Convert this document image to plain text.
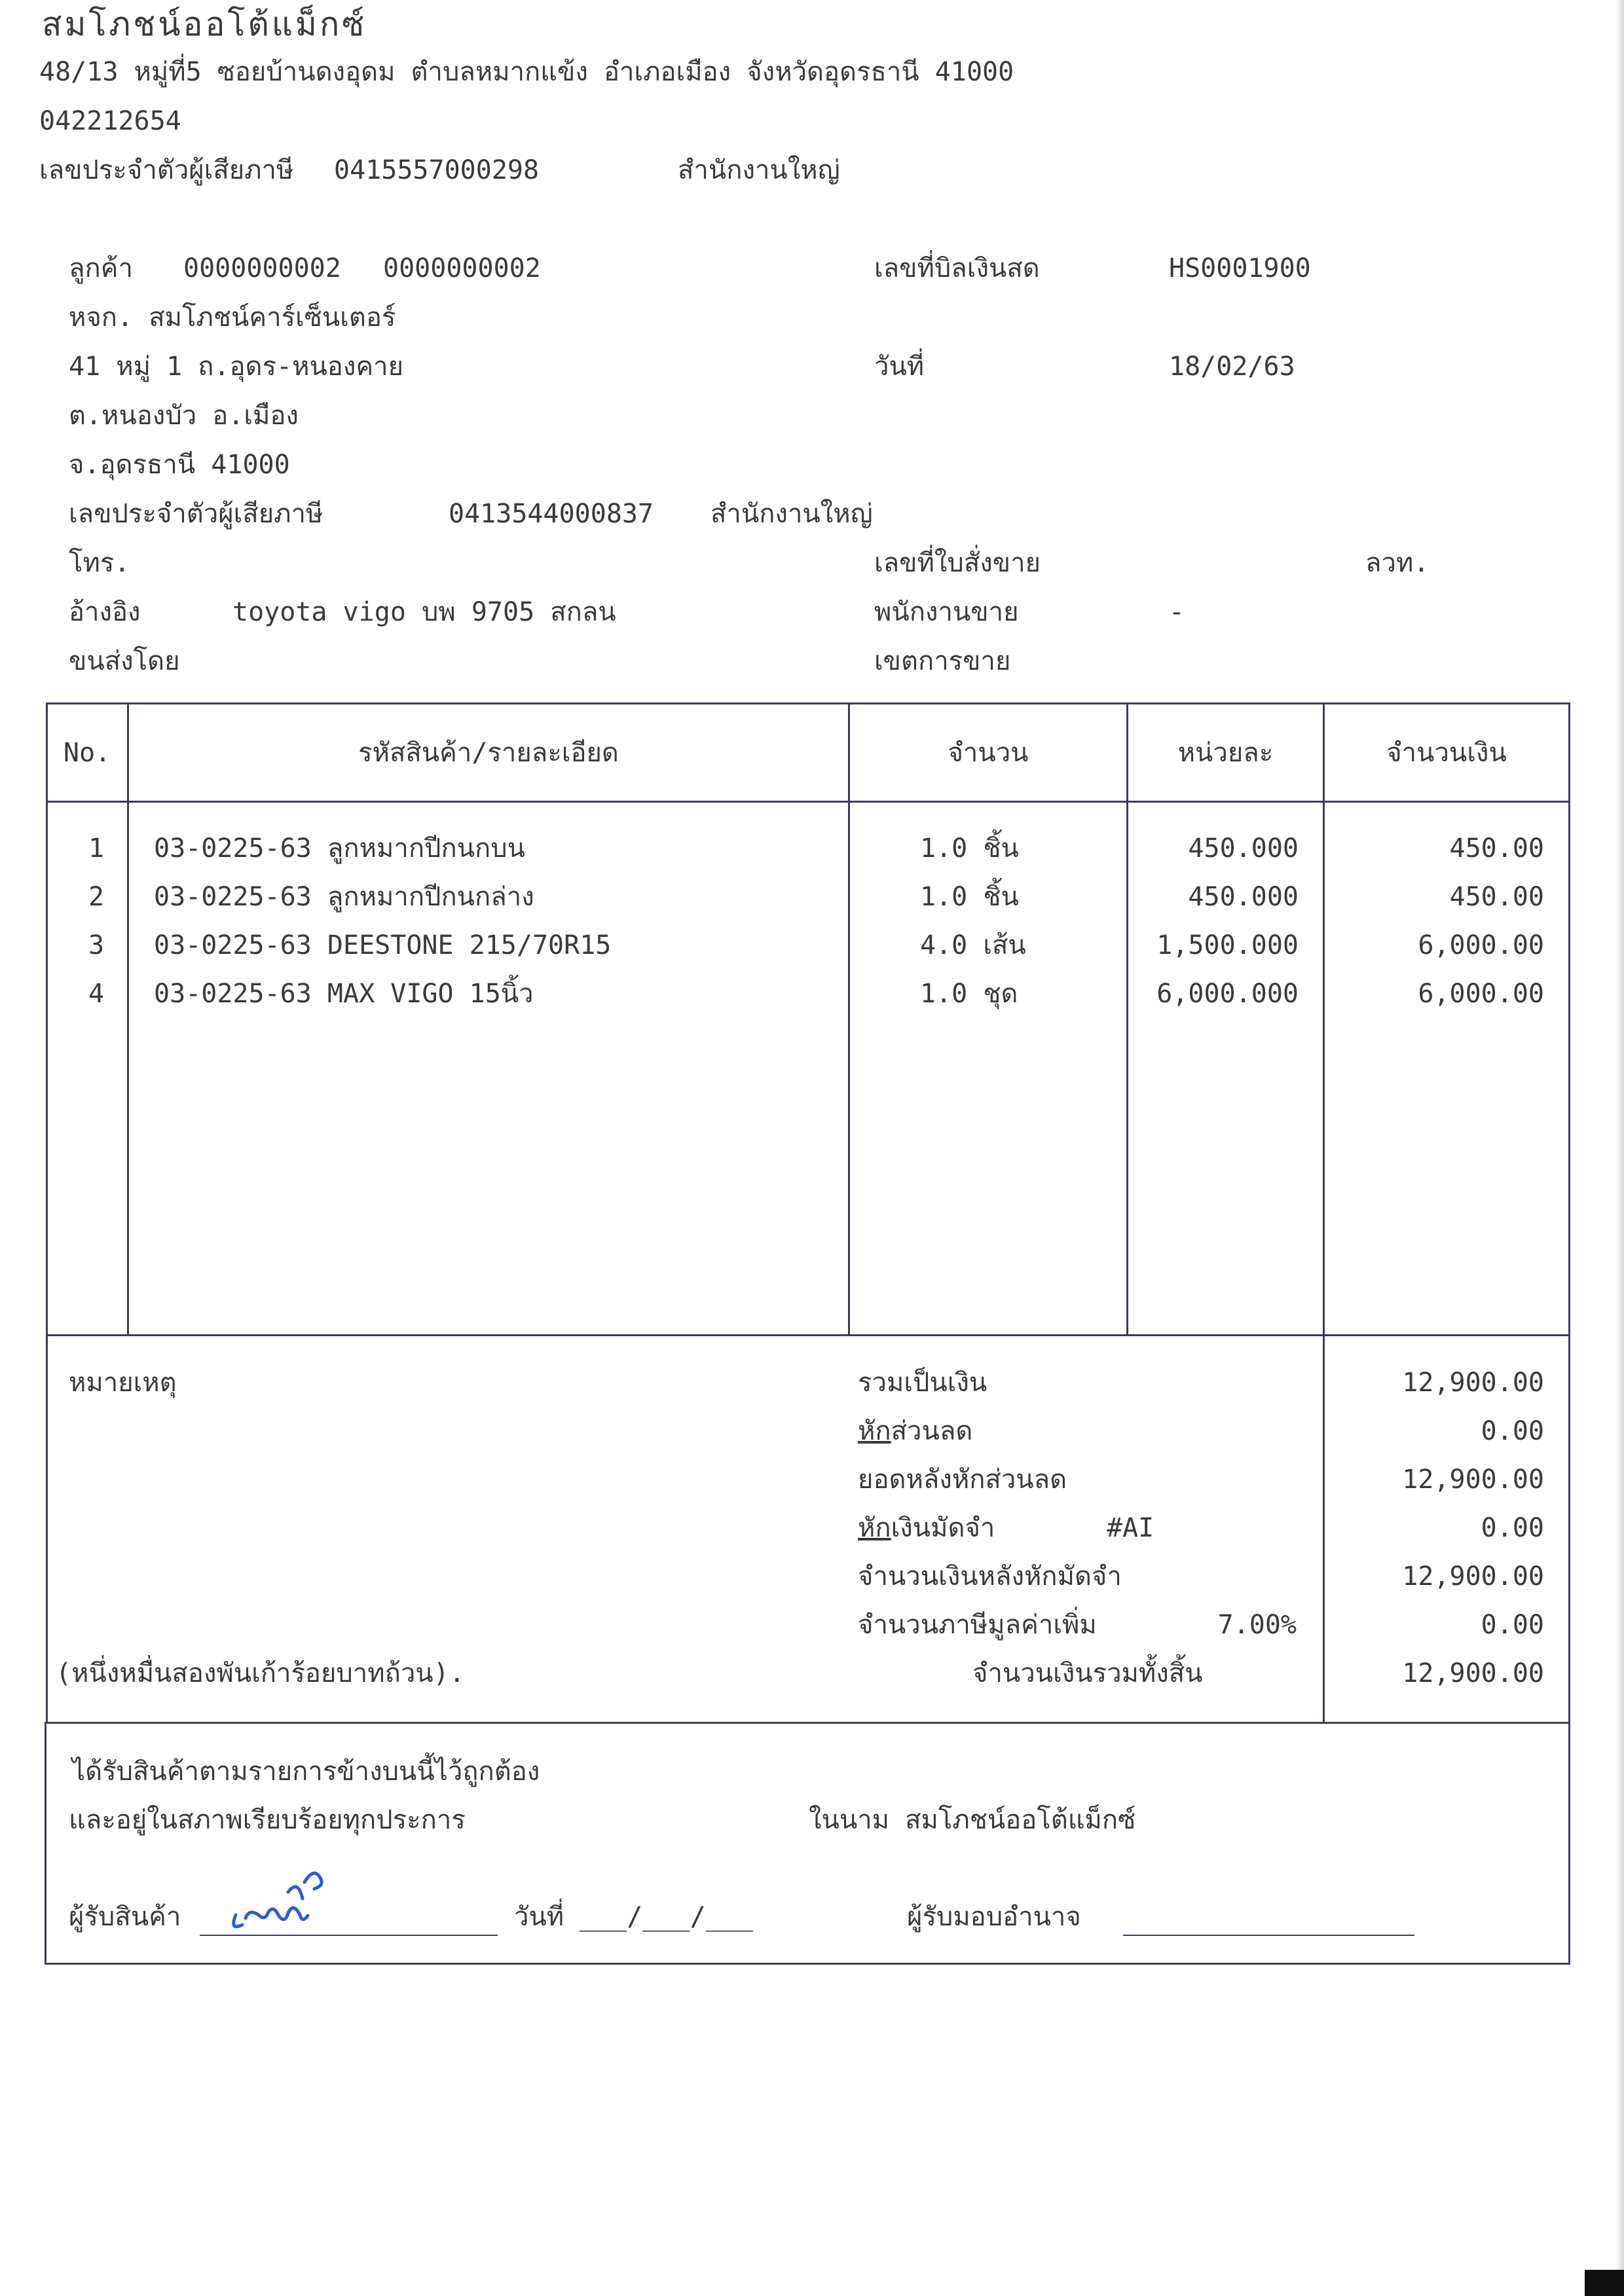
สมโภชน์ออโต้แม็กซ์
48/13 หมู่ที่5 ซอยบ้านดงอุดม ตำบลหมากแข้ง อำเภอเมือง จังหวัดอุดรธานี 41000
042212654
เลขประจำตัวผู้เสียภาษี 0415557000298	สำนักงานใหญ่
ลูกค้า 0000000002 0000000002
หจก. สมโภชน์คาร์เซ็นเตอร์
41 หมู่ 1 ถ.อุดร-หนองคาย
ต.หนองบัว อ.เมือง
จ.อุดรธานี 41000
เลขประจำตัวผู้เสียภาษี	0413544000837 สำนักงานใหญ่
โทร.
อ้างอิง	toyota vigo บพ 9705 สกลน
ขนส่งโดย
เลขที่บิลเงินสด	HS0001900
วันที่	18/02/63
เลขที่ใบสั่งขาย	ลวท.
พนักงานขาย	-
เขตการขาย
No.	รหัสสินค้า/รายละเอียด	จำนวน	หน่วยละ	จำนวนเงิน
1	03-0225-63 ลูกหมากปีกนกบน	1.0 ชิ้น	450.000	450.00
2	03-0225-63 ลูกหมากปีกนกล่าง	1.0 ชิ้น	450.000	450.00
3	03-0225-63 DEESTONE 215/70R15	4.0 เส้น	1,500.000	6,000.00
4	03-0225-63 MAX VIGO 15นิ้ว	1.0 ชุด	6,000.000	6,000.00
หมายเหตุ	รวมเป็นเงิน	12,900.00
หักส่วนลด	0.00
ยอดหลังหักส่วนลด	12,900.00
หักเงินมัดจำ	#AI	0.00
จำนวนเงินหลังหักมัดจำ	12,900.00
จำนวนภาษีมูลค่าเพิ่ม	7.00%	0.00
(หนึ่งหมื่นสองพันเก้าร้อยบาทถ้วน).	จำนวนเงินรวมทั้งสิ้น	12,900.00
ได้รับสินค้าตามรายการข้างบนนี้ไว้ถูกต้อง
และอยู่ในสภาพเรียบร้อยทุกประการ	ในนาม สมโภชน์ออโต้แม็กซ์
ผู้รับสินค้า	วันที่ ___/___/___	ผู้รับมอบอำนาจ
